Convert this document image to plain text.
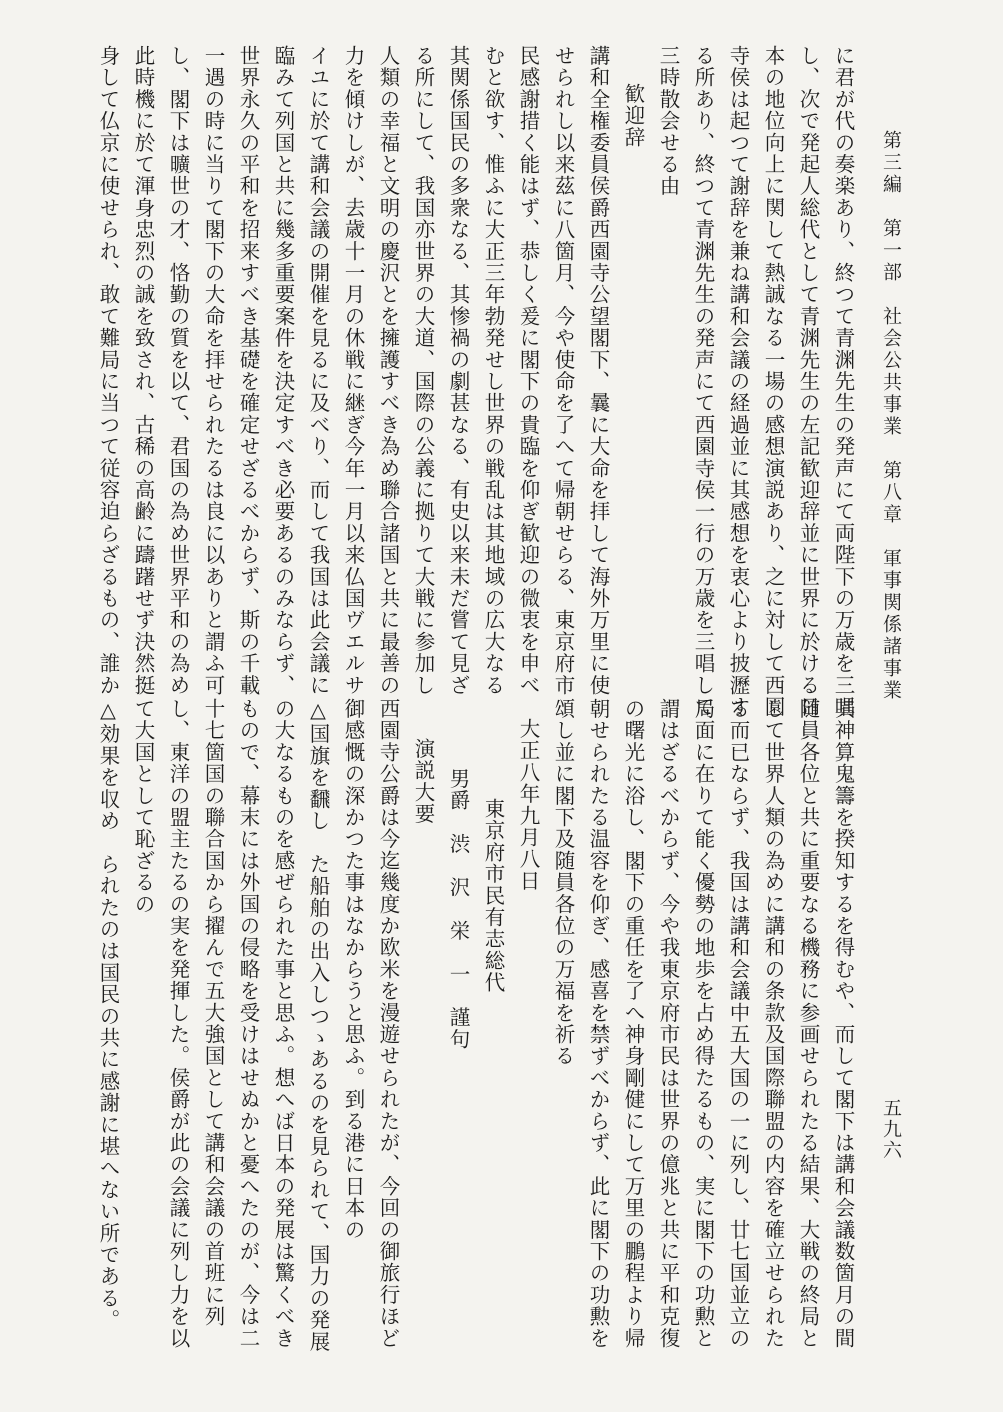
第三編　第一部　社会公共事業　第八章　軍事関係諸事業
五九六
に君が代の奏楽あり、終つて青渊先生の発声にて両陛下の万歳を三唱
し、次で発起人総代として青渊先生の左記歓迎辞並に世界に於ける日
本の地位向上に関して熱誠なる一場の感想演説あり、之に対して西園
寺侯は起つて謝辞を兼ね講和会議の経過並に其感想を衷心より披瀝す
る所あり、終つて青渊先生の発声にて西園寺侯一行の万歳を三唱して
三時散会せる由
歓迎辞
講和全権委員侯爵西園寺公望閣下、曩に大命を拝して海外万里に使
せられし以来茲に八箇月、今や使命を了へて帰朝せらる、東京府市
民感謝措く能はず、恭しく爰に閣下の貴臨を仰ぎ歓迎の微衷を申べ
むと欲す、惟ふに大正三年勃発せし世界の戦乱は其地域の広大なる
其関係国民の多衆なる、其惨禍の劇甚なる、有史以来未だ嘗て見ざ
る所にして、我国亦世界の大道、国際の公義に拠りて大戦に参加し
人類の幸福と文明の慶沢とを擁護すべき為め聯合諸国と共に最善の
力を傾けしが、去歳十一月の休戦に継ぎ今年一月以来仏国ヴエルサ
イユに於て講和会議の開催を見るに及べり、而して我国は此会議に
臨みて列国と共に幾多重要案件を決定すべき必要あるのみならず、
世界永久の平和を招来すべき基礎を確定せざるべからず、斯の千載
一遇の時に当りて閣下の大命を拝せられたるは良に以ありと謂ふ可
し、閣下は曠世の才、恪勤の質を以て、君国の為め世界平和の為め
此時機に於て渾身忠烈の誠を致され、古稀の高齢に躊躇せず決然挺
身して仏京に使せられ、敢て難局に当つて従容迫らざるもの、誰か
其神算鬼籌を揆知するを得むや、而して閣下は講和会議数箇月の間
随員各位と共に重要なる機務に参画せられたる結果、大戦の終局と
して世界人類の為めに講和の条款及国際聯盟の内容を確立せられた
る而已ならず、我国は講和会議中五大国の一に列し、廿七国並立の
局面に在りて能く優勢の地歩を占め得たるもの、実に閣下の功勲と
謂はざるべからず、今や我東京府市民は世界の億兆と共に平和克復
の曙光に浴し、閣下の重任を了へ神身剛健にして万里の鵬程より帰
朝せられたる温容を仰ぎ、感喜を禁ずべからず、此に閣下の功勲を
頌し並に閣下及随員各位の万福を祈る
大正八年九月八日
東京府市民有志総代
男爵　渋　沢　栄　一　謹句
演説大要
西園寺公爵は今迄幾度か欧米を漫遊せられたが、今回の御旅行ほど
御感慨の深かつた事はなからうと思ふ。到る港に日本の
△国旗を飜し　た船舶の出入しつゝあるのを見られて、国力の発展
の大なるものを感ぜられた事と思ふ。想へば日本の発展は驚くべき
もので、幕末には外国の侵略を受けはせぬかと憂へたのが、今は二
十七箇国の聯合国から擢んで五大強国として講和会議の首班に列
し、東洋の盟主たるの実を発揮した。侯爵が此の会議に列し力を以
て大国として恥ざるの
△効果を収め　られたのは国民の共に感謝に堪へない所である。
